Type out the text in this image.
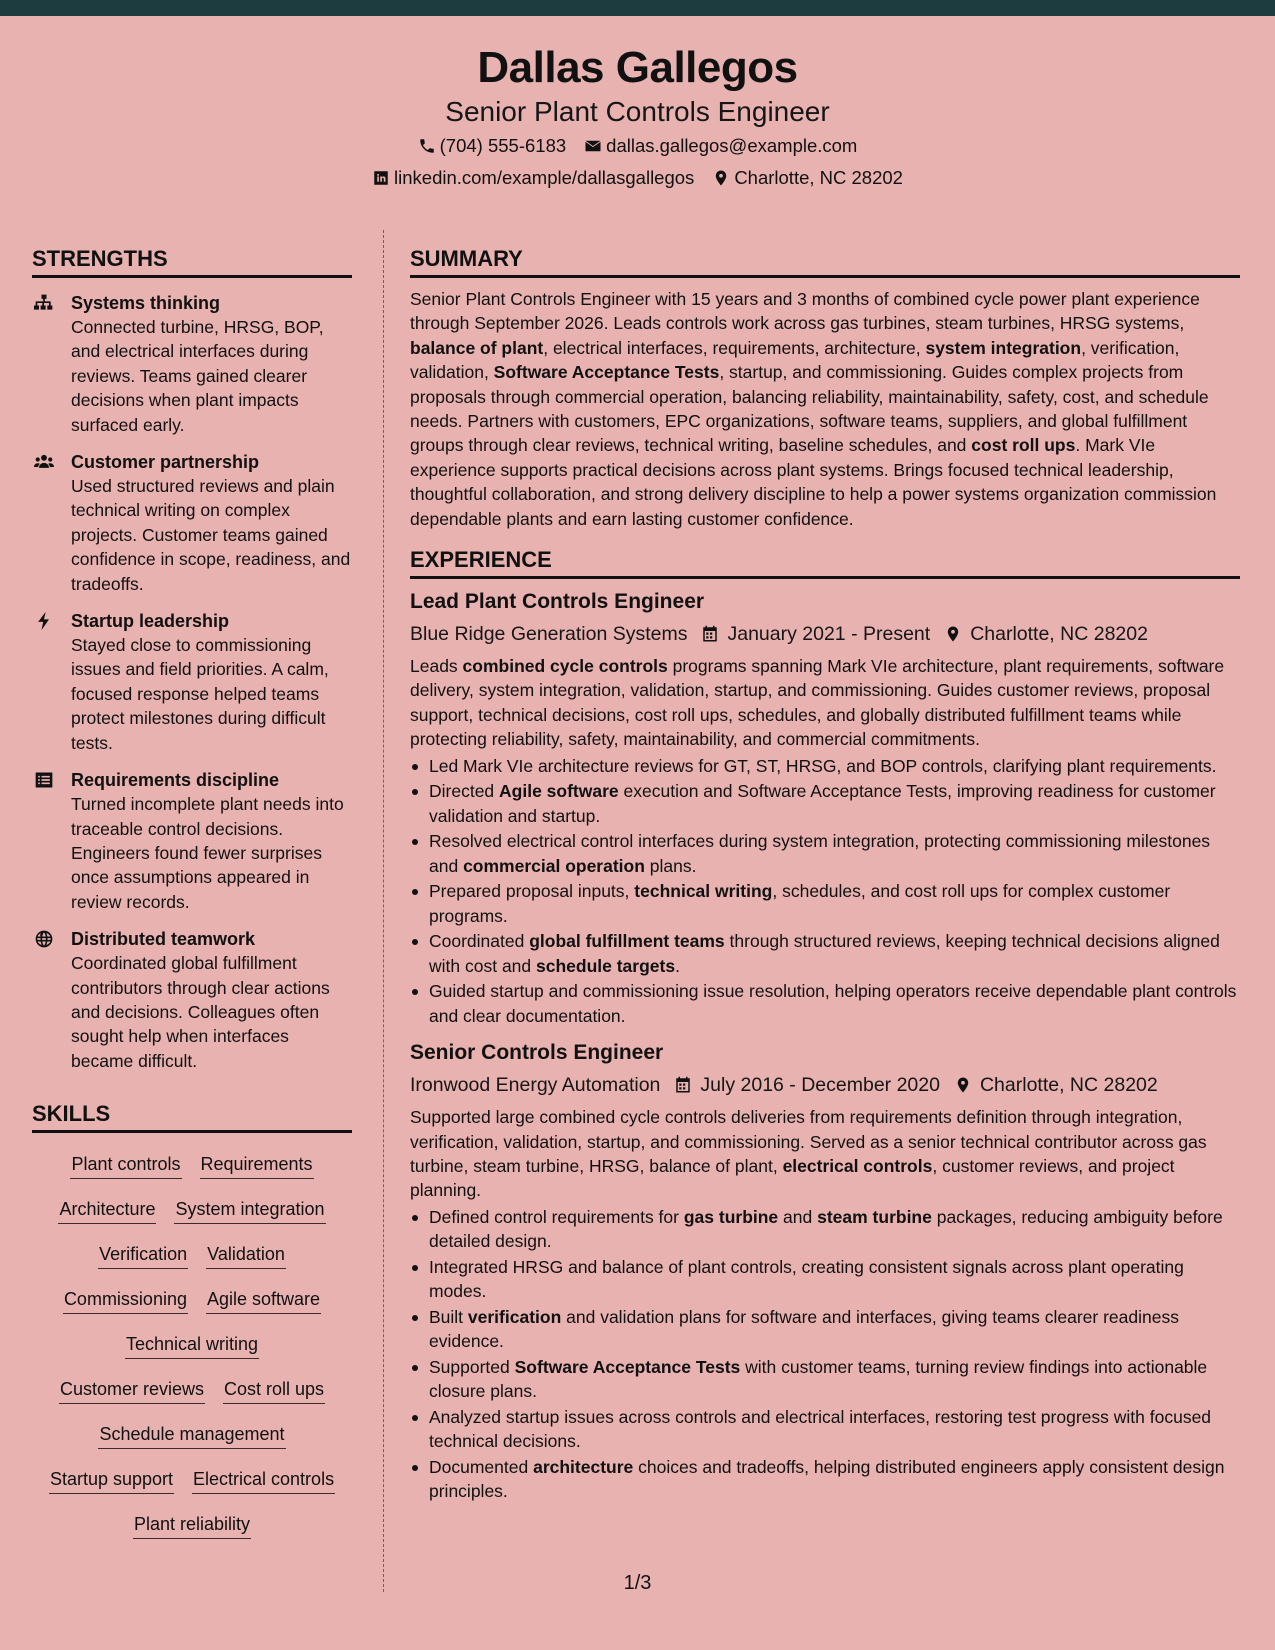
Dallas Gallegos
Senior Plant Controls Engineer
(704) 555-6183 dallas.gallegos@example.com
linkedin.com/example/dallasgallegos Charlotte, NC 28202
STRENGTHS
Systems thinking
Connected turbine, HRSG, BOP, and electrical interfaces during reviews. Teams gained clearer decisions when plant impacts surfaced early.
Customer partnership
Used structured reviews and plain technical writing on complex projects. Customer teams gained confidence in scope, readiness, and tradeoffs.
Startup leadership
Stayed close to commissioning issues and field priorities. A calm, focused response helped teams protect milestones during difficult tests.
Requirements discipline
Turned incomplete plant needs into traceable control decisions. Engineers found fewer surprises once assumptions appeared in review records.
Distributed teamwork
Coordinated global fulfillment contributors through clear actions and decisions. Colleagues often sought help when interfaces became difficult.
SKILLS
Plant controls Requirements
Architecture System integration
Verification Validation
Commissioning Agile software
Technical writing
Customer reviews Cost roll ups
Schedule management
Startup support Electrical controls
Plant reliability
SUMMARY
Senior Plant Controls Engineer with 15 years and 3 months of combined cycle power plant experience through September 2026. Leads controls work across gas turbines, steam turbines, HRSG systems, balance of plant, electrical interfaces, requirements, architecture, system integration, verification, validation, Software Acceptance Tests, startup, and commissioning. Guides complex projects from proposals through commercial operation, balancing reliability, maintainability, safety, cost, and schedule needs. Partners with customers, EPC organizations, software teams, suppliers, and global fulfillment groups through clear reviews, technical writing, baseline schedules, and cost roll ups. Mark VIe experience supports practical decisions across plant systems. Brings focused technical leadership, thoughtful collaboration, and strong delivery discipline to help a power systems organization commission dependable plants and earn lasting customer confidence.
EXPERIENCE
Lead Plant Controls Engineer
Blue Ridge Generation Systems January 2021 - Present Charlotte, NC 28202
Leads combined cycle controls programs spanning Mark VIe architecture, plant requirements, software delivery, system integration, validation, startup, and commissioning. Guides customer reviews, proposal support, technical decisions, cost roll ups, schedules, and globally distributed fulfillment teams while protecting reliability, safety, maintainability, and commercial commitments.
Led Mark VIe architecture reviews for GT, ST, HRSG, and BOP controls, clarifying plant requirements.
Directed Agile software execution and Software Acceptance Tests, improving readiness for customer validation and startup.
Resolved electrical control interfaces during system integration, protecting commissioning milestones and commercial operation plans.
Prepared proposal inputs, technical writing, schedules, and cost roll ups for complex customer programs.
Coordinated global fulfillment teams through structured reviews, keeping technical decisions aligned with cost and schedule targets.
Guided startup and commissioning issue resolution, helping operators receive dependable plant controls and clear documentation.
Senior Controls Engineer
Ironwood Energy Automation July 2016 - December 2020 Charlotte, NC 28202
Supported large combined cycle controls deliveries from requirements definition through integration, verification, validation, startup, and commissioning. Served as a senior technical contributor across gas turbine, steam turbine, HRSG, balance of plant, electrical controls, customer reviews, and project planning.
Defined control requirements for gas turbine and steam turbine packages, reducing ambiguity before detailed design.
Integrated HRSG and balance of plant controls, creating consistent signals across plant operating modes.
Built verification and validation plans for software and interfaces, giving teams clearer readiness evidence.
Supported Software Acceptance Tests with customer teams, turning review findings into actionable closure plans.
Analyzed startup issues across controls and electrical interfaces, restoring test progress with focused technical decisions.
Documented architecture choices and tradeoffs, helping distributed engineers apply consistent design principles.
1/3
